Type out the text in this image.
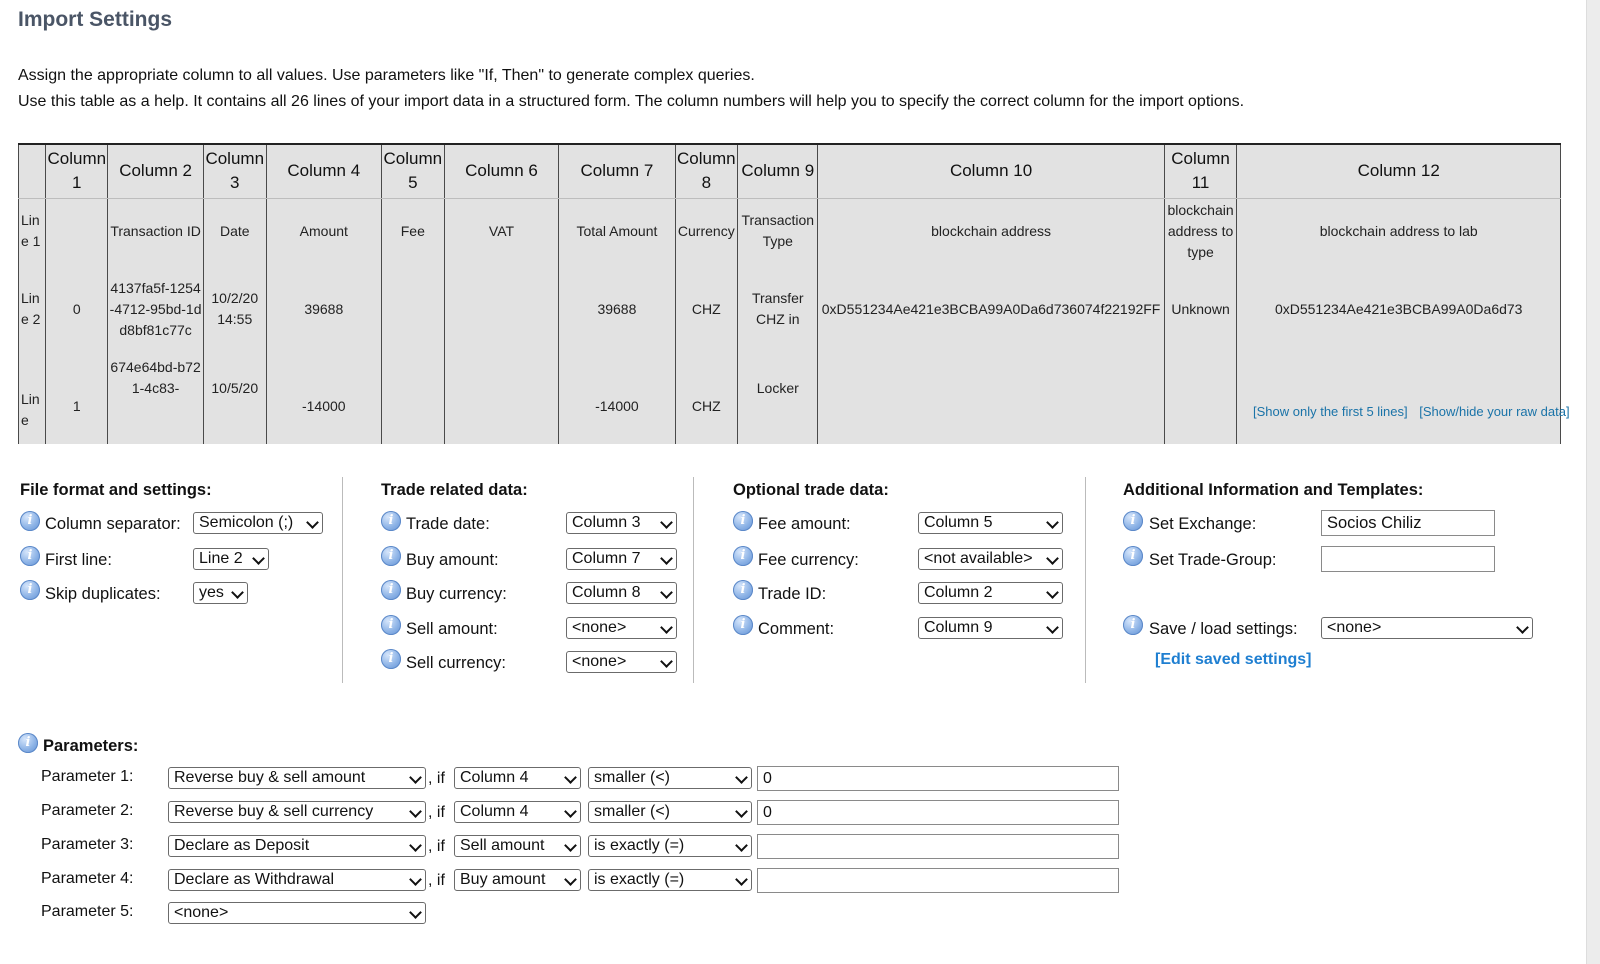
Import Settings
Assign the appropriate column to all values. Use parameters like "If, Then" to generate complex queries.
Use this table as a help. It contains all 26 lines of your import data in a structured form. The column numbers will help you to specify the correct column for the import options.
	Column 1	Column 2	Column 3	Column 4	Column 5	Column 6	Column 7	Column 8	Column 9	Column 10	Column 11	Column 12
Line 1		Transaction ID	Date	Amount	Fee	VAT	Total Amount	Currency	Transaction Type	blockchain address	blockchain address to type	blockchain address to lab
Line 2	0	4137fa5f-1254-4712-95bd-1dd8bf81c77c	10/2/20 14:55	39688			39688	CHZ	Transfer CHZ in	0xD551234Ae421e3BCBA99A0Da6d736074f22192FF	Unknown	0xD551234Ae421e3BCBA99A0Da6d73
Line	1	674e64bd-b721-4c83-	10/5/20	-14000			-14000	CHZ	Locker			
[Show only the first 5 lines] [Show/hide your raw data]
File format and settings:
i Column separator:	Semicolon (;)
i First line:	Line 2
i Skip duplicates:	yes
Trade related data:
i Trade date:	Column 3
i Buy amount:	Column 7
i Buy currency:	Column 8
i Sell amount:	<none>
i Sell currency:	<none>
Optional trade data:
i Fee amount:	Column 5
i Fee currency:	<not available>
i Trade ID:	Column 2
i Comment:	Column 9
Additional Information and Templates:
i Set Exchange:	Socios Chiliz
i Set Trade-Group:
i Save / load settings:	<none>
[Edit saved settings]
i Parameters:
Parameter 1:	Reverse buy & sell amount	, if Column 4	smaller (<)	0
Parameter 2:	Reverse buy & sell currency	, if Column 4	smaller (<)	0
Parameter 3:	Declare as Deposit	, if Sell amount	is exactly (=)
Parameter 4:	Declare as Withdrawal	, if Buy amount	is exactly (=)
Parameter 5:	<none>
